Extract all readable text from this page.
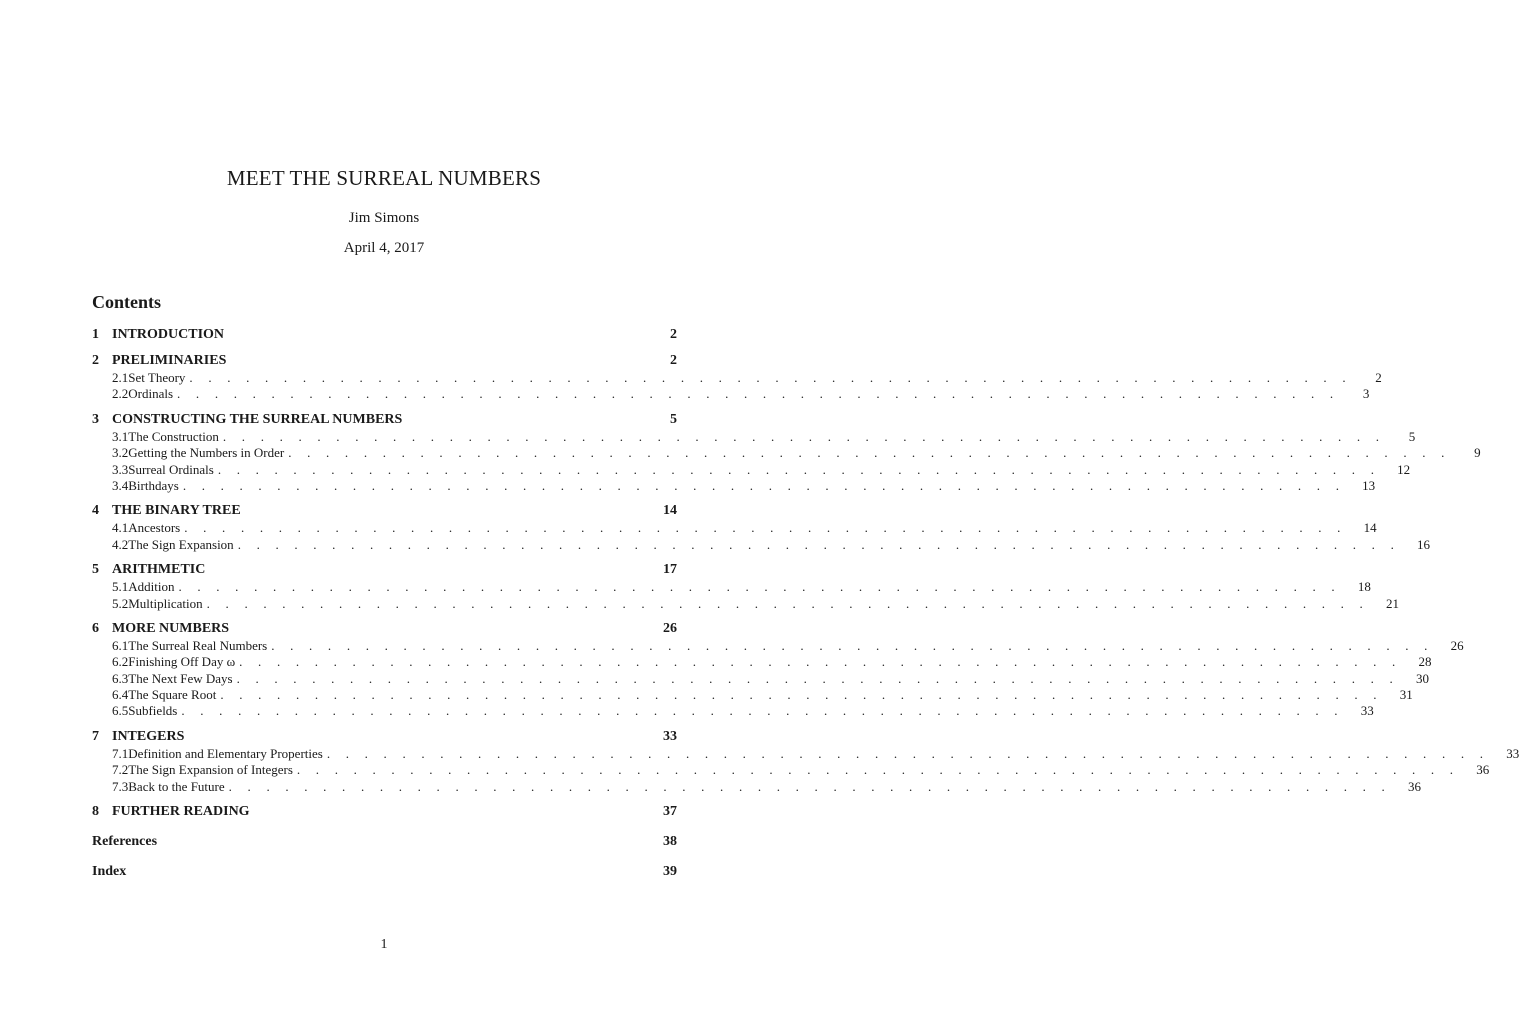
MEET THE SURREAL NUMBERS
Jim Simons
April 4, 2017
Contents
1 INTRODUCTION	2
2 PRELIMINARIES	2
2.1 Set Theory . . . . . . . . . . . . . . . . . . . . . . . . . . . . . . . . . . . . . . . . . . . . . . . . . . . . . . . . . . . . . .	2
2.2 Ordinals . . . . . . . . . . . . . . . . . . . . . . . . . . . . . . . . . . . . . . . . . . . . . . . . . . . . . . . . . . . . . .	3
3 CONSTRUCTING THE SURREAL NUMBERS	5
3.1 The Construction . . . . . . . . . . . . . . . . . . . . . . . . . . . . . . . . . . . . . . . . . . . . . . . . . . . . . . . . . . . . . .	5
3.2 Getting the Numbers in Order . . . . . . . . . . . . . . . . . . . . . . . . . . . . . . . . . . . . . . . . . . . . . . . . . . . . . . . . . . . . . .	9
3.3 Surreal Ordinals . . . . . . . . . . . . . . . . . . . . . . . . . . . . . . . . . . . . . . . . . . . . . . . . . . . . . . . . . . . . . .	12
3.4 Birthdays . . . . . . . . . . . . . . . . . . . . . . . . . . . . . . . . . . . . . . . . . . . . . . . . . . . . . . . . . . . . . .	13
4 THE BINARY TREE	14
4.1 Ancestors . . . . . . . . . . . . . . . . . . . . . . . . . . . . . . . . . . . . . . . . . . . . . . . . . . . . . . . . . . . . . .	14
4.2 The Sign Expansion . . . . . . . . . . . . . . . . . . . . . . . . . . . . . . . . . . . . . . . . . . . . . . . . . . . . . . . . . . . . . .	16
5 ARITHMETIC	17
5.1 Addition . . . . . . . . . . . . . . . . . . . . . . . . . . . . . . . . . . . . . . . . . . . . . . . . . . . . . . . . . . . . . .	18
5.2 Multiplication . . . . . . . . . . . . . . . . . . . . . . . . . . . . . . . . . . . . . . . . . . . . . . . . . . . . . . . . . . . . . .	21
6 MORE NUMBERS	26
6.1 The Surreal Real Numbers . . . . . . . . . . . . . . . . . . . . . . . . . . . . . . . . . . . . . . . . . . . . . . . . . . . . . . . . . . . . . .	26
6.2 Finishing Off Day ω . . . . . . . . . . . . . . . . . . . . . . . . . . . . . . . . . . . . . . . . . . . . . . . . . . . . . . . . . . . . . .	28
6.3 The Next Few Days . . . . . . . . . . . . . . . . . . . . . . . . . . . . . . . . . . . . . . . . . . . . . . . . . . . . . . . . . . . . . .	30
6.4 The Square Root . . . . . . . . . . . . . . . . . . . . . . . . . . . . . . . . . . . . . . . . . . . . . . . . . . . . . . . . . . . . . .	31
6.5 Subfields . . . . . . . . . . . . . . . . . . . . . . . . . . . . . . . . . . . . . . . . . . . . . . . . . . . . . . . . . . . . . .	33
7 INTEGERS	33
7.1 Definition and Elementary Properties . . . . . . . . . . . . . . . . . . . . . . . . . . . . . . . . . . . . . . . . . . . . . . . . . . . . . . . . . . . . . .	33
7.2 The Sign Expansion of Integers . . . . . . . . . . . . . . . . . . . . . . . . . . . . . . . . . . . . . . . . . . . . . . . . . . . . . . . . . . . . . .	36
7.3 Back to the Future . . . . . . . . . . . . . . . . . . . . . . . . . . . . . . . . . . . . . . . . . . . . . . . . . . . . . . . . . . . . . .	36
8 FURTHER READING	37
References	38
Index	39
1
